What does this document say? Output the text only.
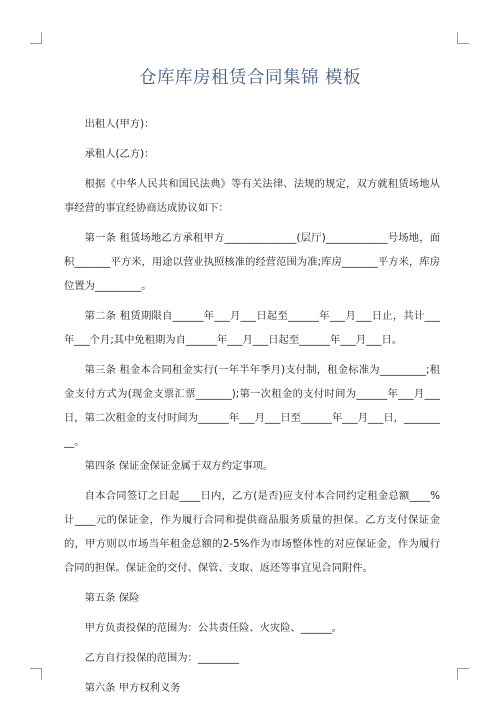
仓库库房租赁合同集锦 模板

出租人(甲方)：

承租人(乙方)：

根据《中华人民共和国民法典》等有关法律、法规的规定，双方就租赁场地从事经营的事宜经协商达成协议如下：

第一条 租赁场地乙方承租甲方______________(层厅)____________号场地，面积_______平方米，用途以营业执照核准的经营范围为准;库房_______平方米，库房位置为_________。

第二条 租赁期限自______年___月___日起至______年___月___日止，共计___年___个月;其中免租期为自______年___月___日起至______年___月___日。

第三条 租金本合同租金实行(一年半年季月)支付制，租金标准为_________;租金支付方式为(现金支票汇票_______);第一次租金的支付时间为______年___月___日，第二次租金的支付时间为______年___月___日至______年___月___日，_________。

第四条 保证金保证金属于双方约定事项。

自本合同签订之日起____日内，乙方(是否)应支付本合同约定租金总额____%计____元的保证金，作为履行合同和提供商品服务质量的担保。乙方支付保证金的，甲方则以市场当年租金总额的2-5%作为市场整体性的对应保证金，作为履行合同的担保。保证金的交付、保管、支取、返还等事宜见合同附件。

第五条 保险

甲方负责投保的范围为：公共责任险、火灾险、______。

乙方自行投保的范围为：________

第六条 甲方权利义务
